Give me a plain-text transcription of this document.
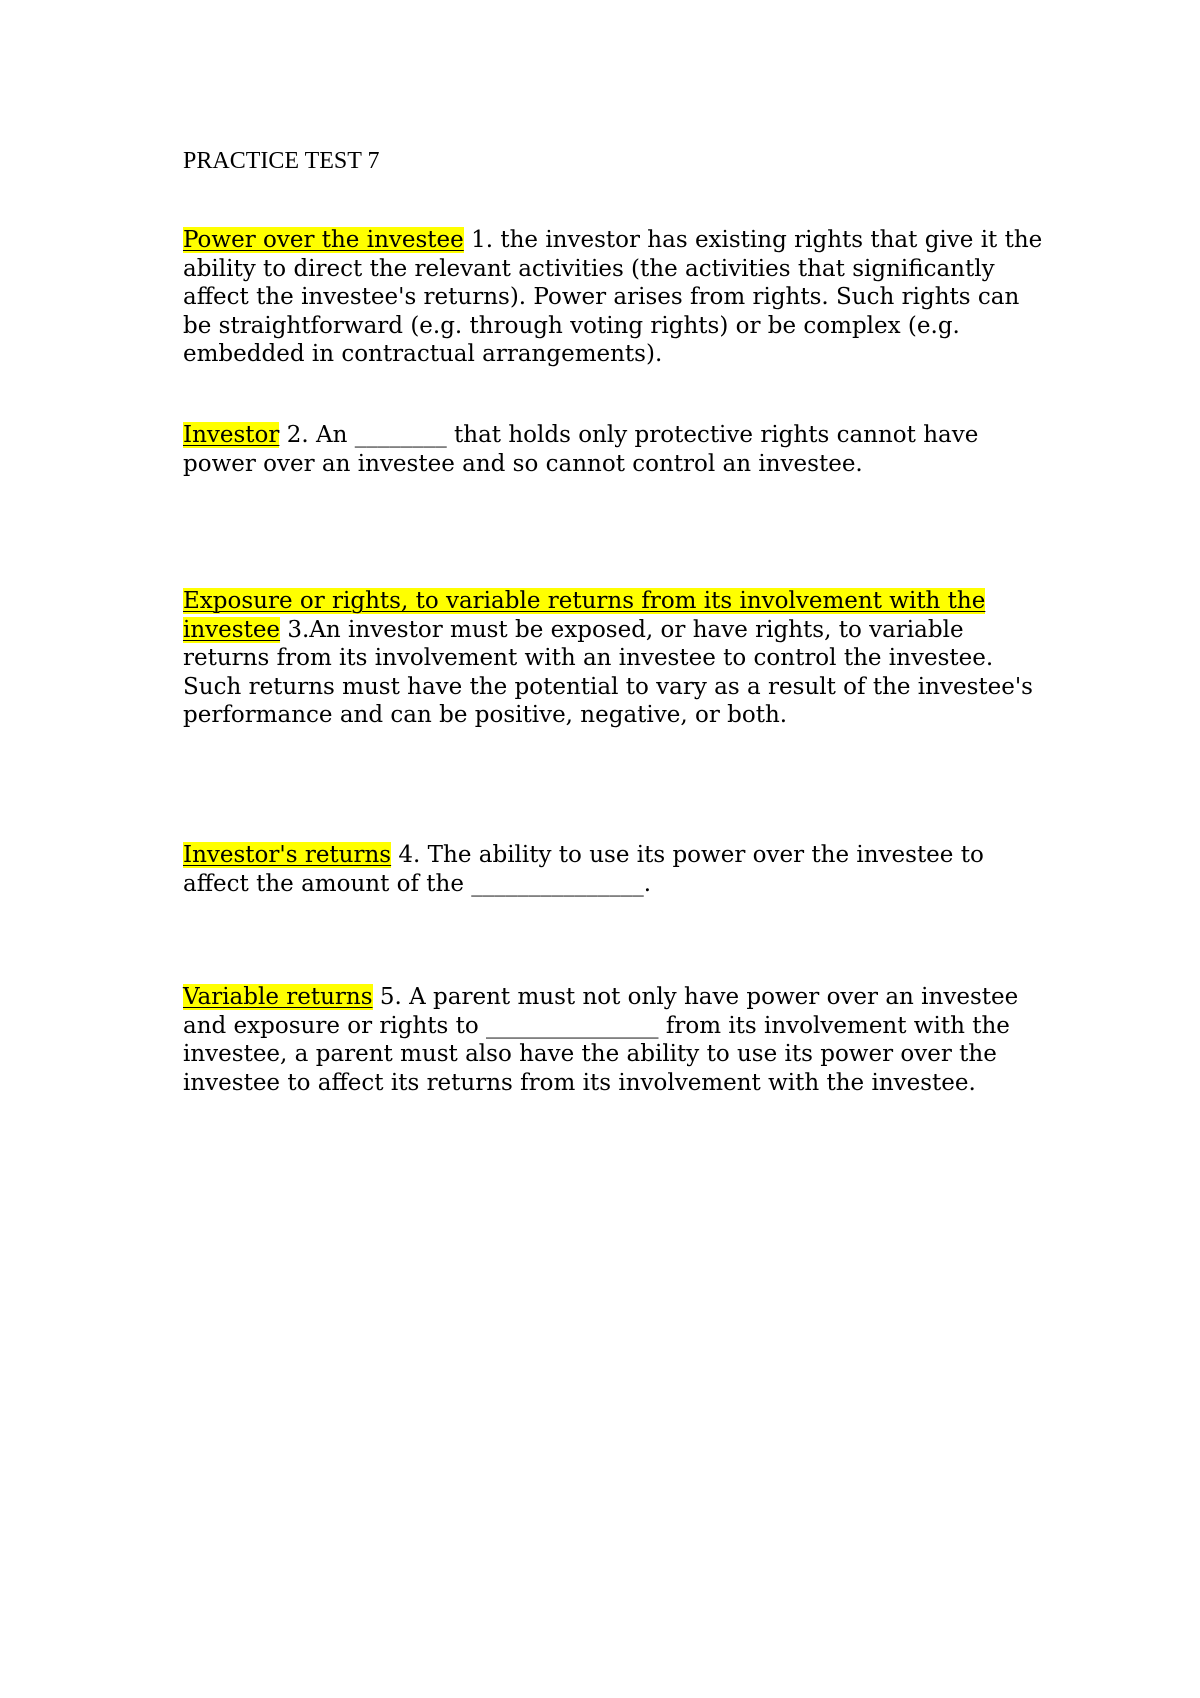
PRACTICE TEST 7
Power over the investee 1. the investor has existing rights that give it the ability to direct the relevant activities (the activities that significantly affect the investee's returns). Power arises from rights. Such rights can be straightforward (e.g. through voting rights) or be complex (e.g. embedded in contractual arrangements).
Investor 2. An ________ that holds only protective rights cannot have power over an investee and so cannot control an investee.
Exposure or rights, to variable returns from its involvement with the investee 3.An investor must be exposed, or have rights, to variable returns from its involvement with an investee to control the investee. Such returns must have the potential to vary as a result of the investee's performance and can be positive, negative, or both.
Investor's returns 4. The ability to use its power over the investee to affect the amount of the _______________.
Variable returns 5. A parent must not only have power over an investee and exposure or rights to _______________ from its involvement with the investee, a parent must also have the ability to use its power over the investee to affect its returns from its involvement with the investee.
